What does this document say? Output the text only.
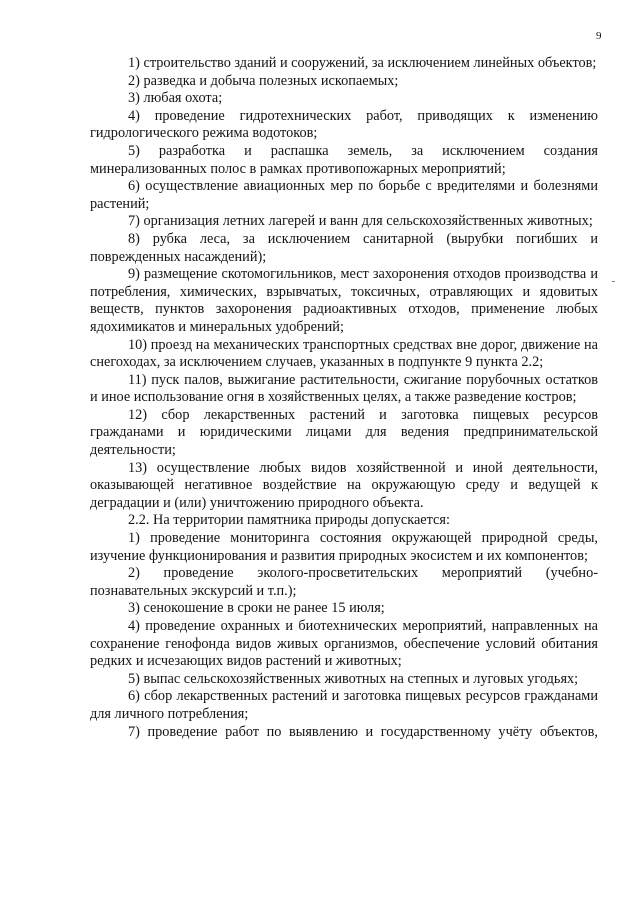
9

1) строительство зданий и сооружений, за исключением линейных объектов;

2) разведка и добыча полезных ископаемых;

3) любая охота;

4) проведение гидротехнических работ, приводящих к изменению гидрологического режима водотоков;

5) разработка и распашка земель, за исключением создания минерализованных полос в рамках противопожарных мероприятий;

6) осуществление авиационных мер по борьбе с вредителями и болезнями растений;

7) организация летних лагерей и ванн для сельскохозяйственных животных;

8) рубка леса, за исключением санитарной (вырубки погибших и поврежденных насаждений);

9) размещение скотомогильников, мест захоронения отходов производства и потребления, химических, взрывчатых, токсичных, отравляющих и ядовитых веществ, пунктов захоронения радиоактивных отходов, применение любых ядохимикатов и минеральных удобрений;

10) проезд на механических транспортных средствах вне дорог, движение на снегоходах, за исключением случаев, указанных в подпункте 9 пункта 2.2;

11) пуск палов, выжигание растительности, сжигание порубочных остатков и иное использование огня в хозяйственных целях, а также разведение костров;

12) сбор лекарственных растений и заготовка пищевых ресурсов гражданами и юридическими лицами для ведения предпринимательской деятельности;

13) осуществление любых видов хозяйственной и иной деятельности, оказывающей негативное воздействие на окружающую среду и ведущей к деградации и (или) уничтожению природного объекта.

2.2. На территории памятника природы допускается:

1) проведение мониторинга состояния окружающей природной среды, изучение функционирования и развития природных экосистем и их компонентов;

2) проведение эколого-просветительских мероприятий (учебно-познавательных экскурсий и т.п.);

3) сенокошение в сроки не ранее 15 июля;

4) проведение охранных и биотехнических мероприятий, направленных на сохранение генофонда видов живых организмов, обеспечение условий обитания редких и исчезающих видов растений и животных;

5) выпас сельскохозяйственных животных на степных и луговых угодьях;

6) сбор лекарственных растений и заготовка пищевых ресурсов гражданами для личного потребления;

7) проведение работ по выявлению и государственному учёту объектов,
